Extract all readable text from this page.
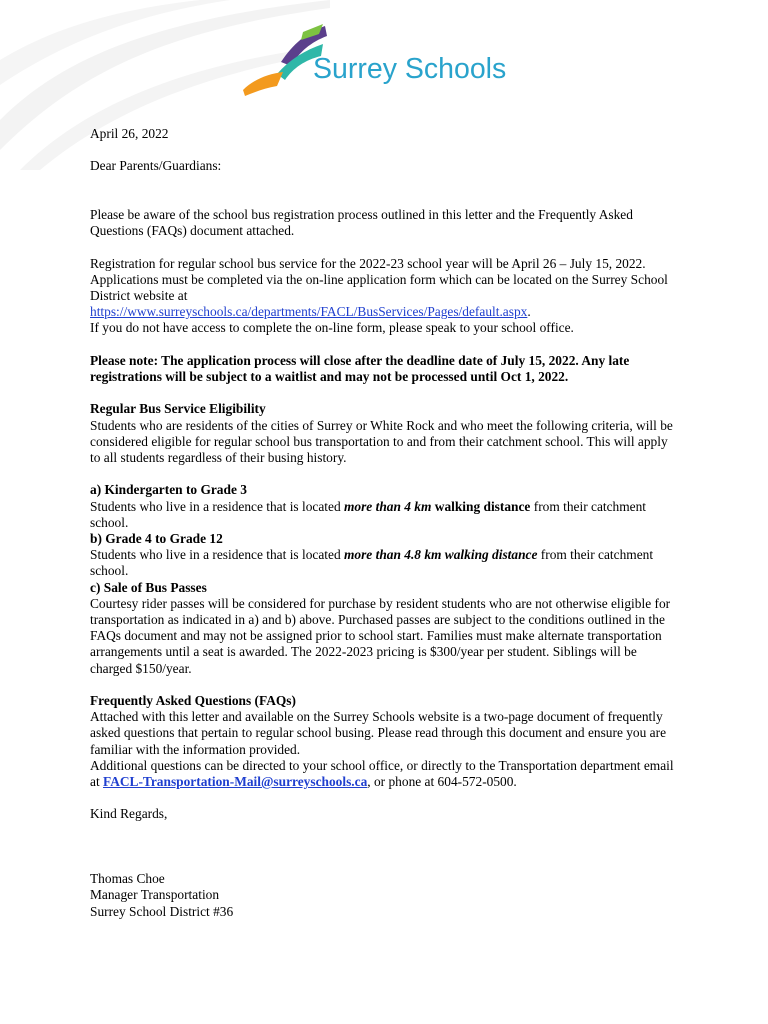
Surrey Schools

April 26, 2022

Dear Parents/Guardians:

Please be aware of the school bus registration process outlined in this letter and the Frequently Asked Questions (FAQs) document attached.

Registration for regular school bus service for the 2022-23 school year will be April 26 – July 15, 2022.

Applications must be completed via the on-line application form which can be located on the Surrey School District website at

https://www.surreyschools.ca/departments/FACL/BusServices/Pages/default.aspx.

If you do not have access to complete the on-line form, please speak to your school office.

Please note: The application process will close after the deadline date of July 15, 2022. Any late registrations will be subject to a waitlist and may not be processed until Oct 1, 2022.

Regular Bus Service Eligibility

Students who are residents of the cities of Surrey or White Rock and who meet the following criteria, will be considered eligible for regular school bus transportation to and from their catchment school. This will apply to all students regardless of their busing history.

a) Kindergarten to Grade 3

Students who live in a residence that is located more than 4 km walking distance from their catchment school.

b) Grade 4 to Grade 12

Students who live in a residence that is located more than 4.8 km walking distance from their catchment school.

c) Sale of Bus Passes

Courtesy rider passes will be considered for purchase by resident students who are not otherwise eligible for transportation as indicated in a) and b) above. Purchased passes are subject to the conditions outlined in the FAQs document and may not be assigned prior to school start. Families must make alternate transportation arrangements until a seat is awarded. The 2022-2023 pricing is $300/year per student. Siblings will be charged $150/year.

Frequently Asked Questions (FAQs)

Attached with this letter and available on the Surrey Schools website is a two-page document of frequently asked questions that pertain to regular school busing. Please read through this document and ensure you are familiar with the information provided.

Additional questions can be directed to your school office, or directly to the Transportation department email at FACL-Transportation-Mail@surreyschools.ca, or phone at 604-572-0500.

Kind Regards,

Thomas Choe

Manager Transportation

Surrey School District #36
